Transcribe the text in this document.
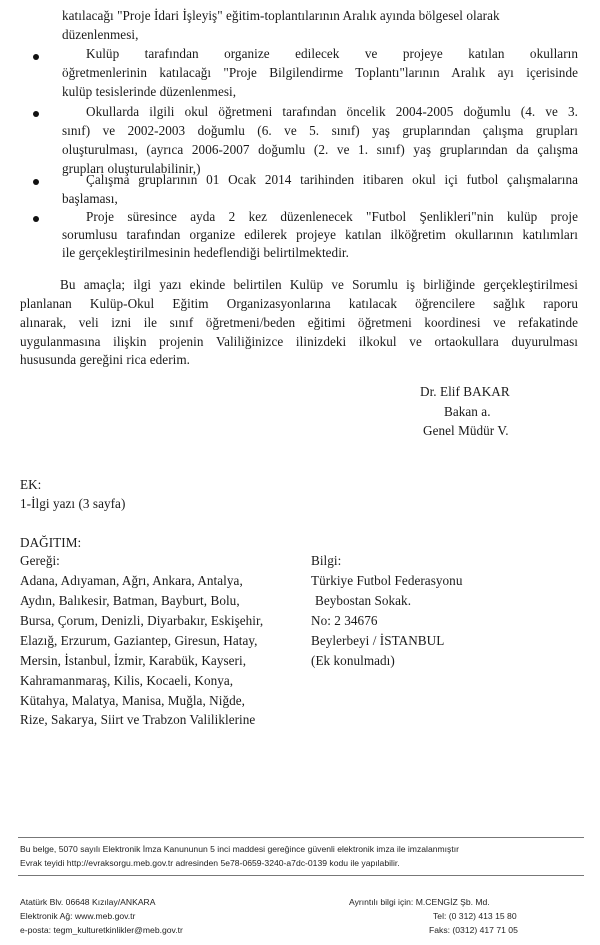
katılacağı "Proje İdari İşleyiş" eğitim-toplantılarının Aralık ayında bölgesel olarak
düzenlenmesi,
Kulüp tarafından organize edilecek ve projeye katılan okulların
öğretmenlerinin katılacağı "Proje Bilgilendirme Toplantı"larının Aralık ayı içerisinde
kulüp tesislerinde düzenlenmesi,
Okullarda ilgili okul öğretmeni tarafından öncelik 2004-2005 doğumlu (4. ve 3.
sınıf) ve 2002-2003 doğumlu (6. ve 5. sınıf) yaş gruplarından çalışma grupları
oluşturulması, (ayrıca 2006-2007 doğumlu (2. ve 1. sınıf) yaş gruplarından da çalışma
grupları oluşturulabilinir,)
Çalışma gruplarının 01 Ocak 2014 tarihinden itibaren okul içi futbol çalışmalarına
başlaması,
Proje süresince ayda 2 kez düzenlenecek "Futbol Şenlikleri"nin kulüp proje
sorumlusu tarafından organize edilerek projeye katılan ilköğretim okullarının katılımları
ile gerçekleştirilmesinin hedeflendiği belirtilmektedir.
Bu amaçla; ilgi yazı ekinde belirtilen Kulüp ve Sorumlu iş birliğinde gerçekleştirilmesi
planlanan Kulüp-Okul Eğitim Organizasyonlarına katılacak öğrencilere sağlık raporu
alınarak, veli izni ile sınıf öğretmeni/beden eğitimi öğretmeni koordinesi ve refakatinde
uygulanmasına ilişkin projenin Valiliğinizce ilinizdeki ilkokul ve ortaokullara duyurulması
hususunda gereğini rica ederim.
Dr. Elif BAKAR
Bakan a.
Genel Müdür V.
EK:
1-İlgi yazı (3 sayfa)
DAĞITIM:
Gereği:
Adana, Adıyaman, Ağrı, Ankara, Antalya,
Aydın, Balıkesir, Batman, Bayburt, Bolu,
Bursa, Çorum, Denizli, Diyarbakır, Eskişehir,
Elazığ, Erzurum, Gaziantep, Giresun, Hatay,
Mersin, İstanbul, İzmir, Karabük, Kayseri,
Kahramanmaraş, Kilis, Kocaeli, Konya,
Kütahya, Malatya, Manisa, Muğla, Niğde,
Rize, Sakarya, Siirt ve Trabzon Valiliklerine
Bilgi:
Türkiye Futbol Federasyonu
Beybostan Sokak.
No: 2 34676
Beylerbeyi / İSTANBUL
(Ek konulmadı)
Bu belge, 5070 sayılı Elektronik İmza Kanununun 5 inci maddesi gereğince güvenli elektronik imza ile imzalanmıştır
Evrak teyidi http://evraksorgu.meb.gov.tr adresinden 5e78-0659-3240-a7dc-0139 kodu ile yapılabilir.
Atatürk Blv. 06648 Kızılay/ANKARA
Elektronik Ağ: www.meb.gov.tr
e-posta: tegm_kulturetkinlikler@meb.gov.tr
Ayrıntılı bilgi için: M.CENGİZ Şb. Md.
Tel: (0 312) 413 15 80
Faks: (0312) 417 71 05
